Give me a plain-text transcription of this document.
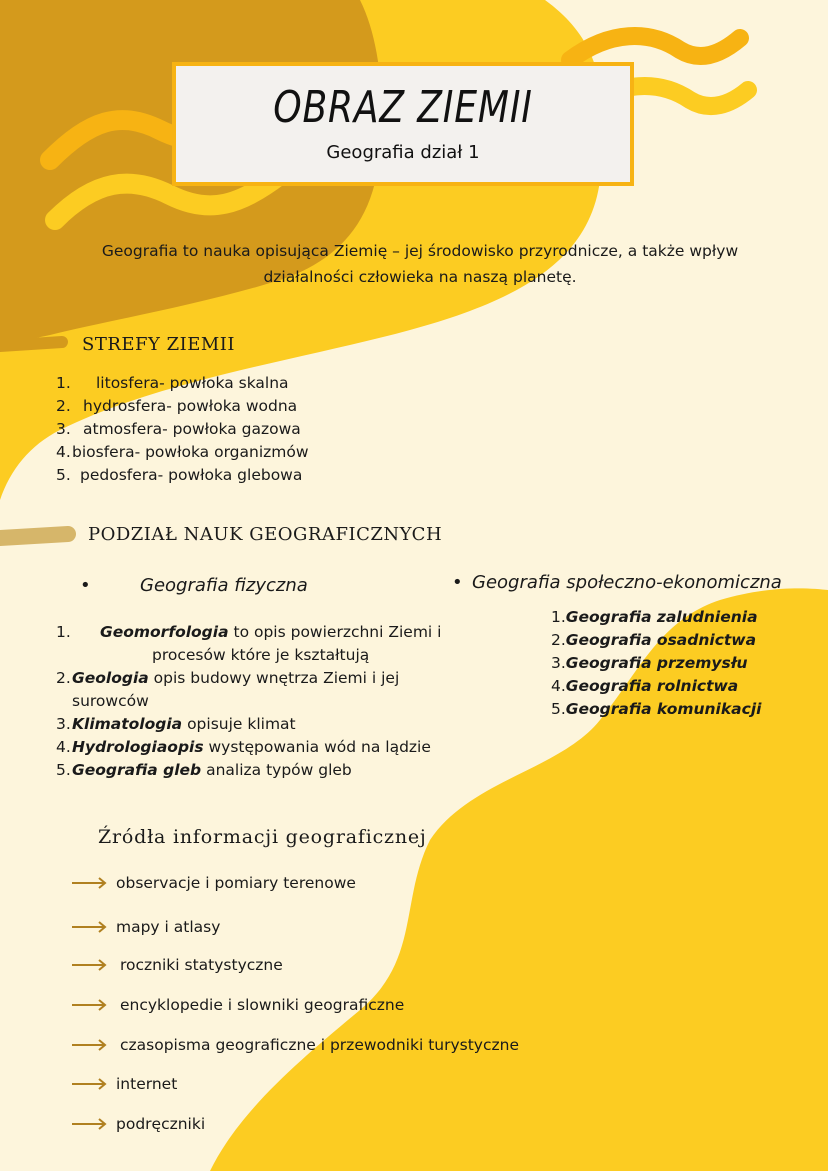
OBRAZ ZIEMII
Geografia dział 1
Geografia to nauka opisująca Ziemię – jej środowisko przyrodnicze, a także wpływ
działalności człowieka na naszą planetę.
STREFY ZIEMII
1. litosfera- powłoka skalna
2. hydrosfera- powłoka wodna
3. atmosfera- powłoka gazowa
4. biosfera- powłoka organizmów
5. pedosfera- powłoka glebowa
PODZIAŁ NAUK GEOGRAFICZNYCH
•	Geografia fizyczna	• Geografia społeczno-ekonomiczna
1. Geomorfologia to opis powierzchni Ziemi i
procesów które je kształtują
2. Geologia opis budowy wnętrza Ziemi i jej
surowców
3. Klimatologia opisuje klimat
4. Hydrologiaopis występowania wód na lądzie
5. Geografia gleb analiza typów gleb
1.Geografia zaludnienia
2.Geografia osadnictwa
3.Geografia przemysłu
4.Geografia rolnictwa
5.Geografia komunikacji
Źródła informacji geograficznej
observacje i pomiary terenowe
mapy i atlasy
roczniki statystyczne
encyklopedie i slowniki geograficzne
czasopisma geograficzne i przewodniki turystyczne
internet
podręczniki
